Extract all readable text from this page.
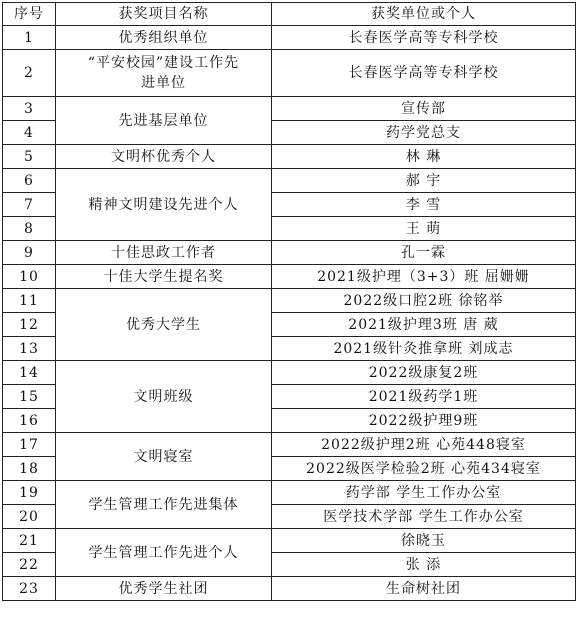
序号	获奖项目名称	获奖单位或个人
1	优秀组织单位	长春医学高等专科学校
2	“平安校园”建设工作先进单位	长春医学高等专科学校
3	先进基层单位	宣传部
4		药学党总支
5	文明杯优秀个人	林 琳
6	精神文明建设先进个人	郝 宇
7		李 雪
8		王 萌
9	十佳思政工作者	孔一霖
10	十佳大学生提名奖	2021级护理（3+3）班 屈姗姗
11	优秀大学生	2022级口腔2班 徐铭举
12		2021级护理3班 唐 葳
13		2021级针灸推拿班 刘成志
14	文明班级	2022级康复2班
15		2021级药学1班
16		2022级护理9班
17	文明寝室	2022级护理2班 心苑448寝室
18		2022级医学检验2班 心苑434寝室
19	学生管理工作先进集体	药学部 学生工作办公室
20		医学技术学部 学生工作办公室
21	学生管理工作先进个人	徐晓玉
22		张 添
23	优秀学生社团	生命树社团
